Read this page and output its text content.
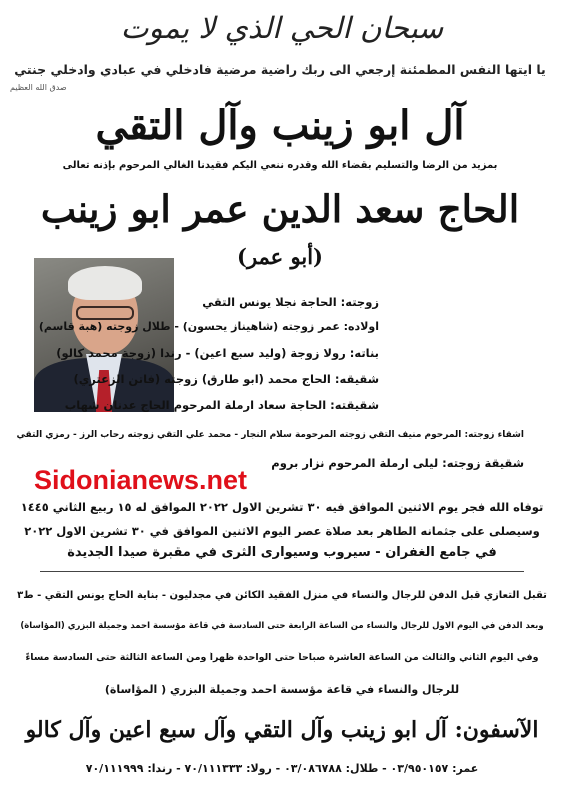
سبحان الحي الذي لا يموت
يا ايتها النفس المطمئنة إرجعي الى ربك راضية مرضية فادخلي في عبادي وادخلي جنتي
صدق الله العظيم
آل ابو زينب وآل التقي
بمزيد من الرضا والتسليم بقضاء الله وقدره ننعي اليكم فقيدنا الغالي المرحوم بإذنه تعالى
الحاج سعد الدين عمر ابو زينب
(أبو عمر)
زوجته: الحاجة نجلا يونس التقي
اولاده: عمر زوجته (شاهيناز يحسون) - طلال زوجته (هبة قاسم)
بناته: رولا زوجة (وليد سبع اعين) - رندا (زوجة محمد كالو)
شقيقه: الحاج محمد (ابو طارق) زوجته (فاتن الزعتري)
شقيقته: الحاجة سعاد ارملة المرحوم الحاج عدنان شهاب
اشقاء زوجته: المرحوم منيف التقي زوجته المرحومة سلام النجار - محمد علي التقي زوجته رحاب الرز - رمزي التقي
شقيقة زوجته: ليلى ارملة المرحوم نزار بروم
Sidonianews.net
توفاه الله فجر يوم الاثنين الموافق فيه ٣٠ تشرين الاول ٢٠٢٢ الموافق له ١٥ ربيع الثاني ١٤٤٥
وسيصلى على جثمانه الطاهر بعد صلاة عصر اليوم الاثنين الموافق في ٣٠ تشرين الاول ٢٠٢٢
في جامع الغفران - سيروب وسيوارى الثرى في مقبرة صيدا الجديدة
تقبل التعازي قبل الدفن للرجال والنساء في منزل الفقيد الكائن في مجدليون - بناية الحاج يونس التقي - ط٣
وبعد الدفن في اليوم الاول للرجال والنساء من الساعة الرابعة حتى السادسة في قاعة مؤسسة احمد وجميلة البزري (المؤاساة)
وفي اليوم الثاني والثالث من الساعة العاشرة صباحاً حتى الواحدة ظهراً ومن الساعة الثالثة حتى السادسة مساءً
للرجال والنساء في قاعة مؤسسة احمد وجميلة البزري ( المؤاساة)
الآسفون: آل ابو زينب وآل التقي وآل سبع اعين وآل كالو
عمر: ٠٣/٩٥٠١٥٧ - طلال: ٠٣/٠٨٦٧٨٨ - رولا: ٧٠/١١١٣٣٣ - رندا: ٧٠/١١١٩٩٩
